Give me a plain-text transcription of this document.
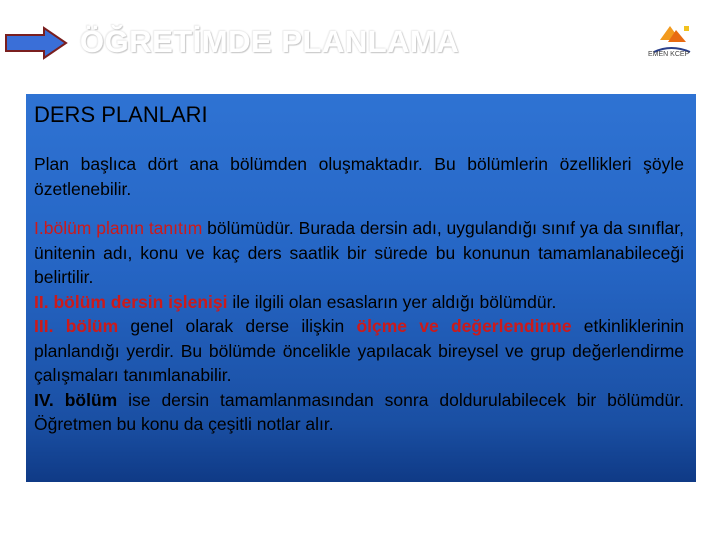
ÖĞRETİMDE PLANLAMA	EMEN KCEP
DERS PLANLARI
Plan başlıca dört ana bölümden oluşmaktadır. Bu bölümlerin özellikleri şöyle özetlenebilir.
I.bölüm planın tanıtım bölümüdür. Burada dersin adı, uygulandığı sınıf ya da sınıflar, ünitenin adı, konu ve kaç ders saatlik bir sürede bu konunun tamamlanabileceği belirtilir.
II. bölüm dersin işlenişi ile ilgili olan esasların yer aldığı bölümdür.
III. bölüm genel olarak derse ilişkin ölçme ve değerlendirme etkinliklerinin planlandığı yerdir. Bu bölümde öncelikle yapılacak bireysel ve grup değerlendirme çalışmaları tanımlanabilir.
IV. bölüm ise dersin tamamlanmasından sonra doldurulabilecek bir bölümdür. Öğretmen bu konu da çeşitli notlar alır.
